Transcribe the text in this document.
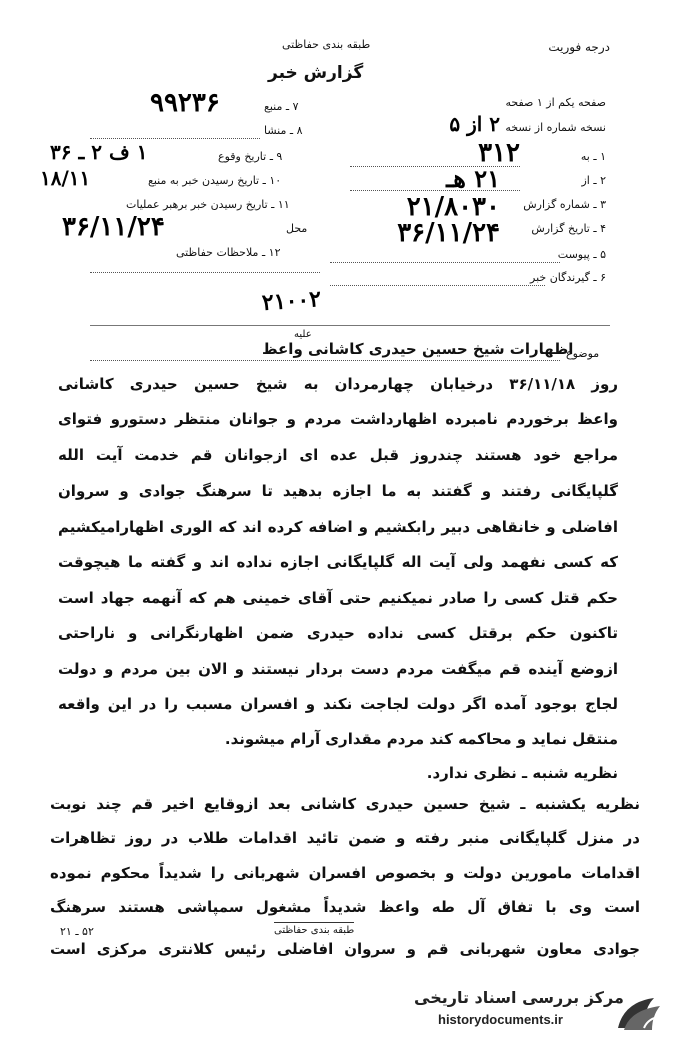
درجه فوریت
طبقه بندی حفاظتی
گزارش خبر
صفحه یکم از ۱ صفحه
نسخه شماره از نسخه
۲ از ۵
۱ ـ به
۳۱۲
۲ ـ از
۲۱ هـ
۳ ـ شماره گزارش
۲۱/۸۰۳۰
۴ ـ تاریخ گزارش
۳۶/۱۱/۲۴
۵ ـ پیوست
۶ ـ گیرندگان خبر
۷ ـ منبع
۹۹۲۳۶
۸ ـ منشا
۹ ـ تاریخ وقوع
۱ ف ۲ ـ ۳۶
۱۰ ـ تاریخ رسیدن خبر به منبع
۱۸/۱۱
۱۱ ـ تاریخ رسیدن خبر برهبر عملیات
محل
۳۶/۱۱/۲۴
۱۲ ـ ملاحظات حفاظتی
۲۱۰۰۲
موضوع
اظهارات شیخ حسین حیدری کاشانی واعظ
علیه
روز ۳۶/۱۱/۱۸ درخیابان چهارمردان به شیخ حسین حیدری کاشانی
واعظ برخوردم نامبرده اظهارداشت مردم و جوانان منتظر دستورو فتوای
مراجع خود هستند چندروز قبل عده ای ازجوانان قم خدمت آیت الله
گلپایگانی رفتند و گفتند به ما اجازه بدهید تا سرهنگ جوادی و سروان
افاضلی و خانقاهی دبیر رابکشیم و اضافه کرده اند که الوری اظهارامیکشیم
که کسی نفهمد ولی آیت اله گلپایگانی اجازه نداده اند و گفته ما هیچوقت
حکم قتل کسی را صادر نمیکنیم حتی آقای خمینی هم که آنهمه جهاد است
تاکنون حکم برقتل کسی نداده حیدری ضمن اظهارنگرانی و ناراحتی
ازوضع آینده قم میگفت مردم دست بردار نیستند و الان بین مردم و دولت
لجاج بوجود آمده اگر دولت لجاجت نکند و افسران مسبب را در این واقعه
منتقل نماید و محاکمه کند مردم مقداری آرام میشوند.
نظریه شنبه ـ نظری ندارد.
نظریه یکشنبه ـ شیخ حسین حیدری کاشانی بعد ازوقایع اخیر قم چند نوبت
در منزل گلپایگانی منبر رفته و ضمن تائید اقدامات طلاب در روز تظاهرات
اقدامات مامورین دولت و بخصوص افسران شهربانی را شدیداً محکوم نموده
است وی با تفاق آل طه واعظ شدیداً مشغول سمپاشی هستند سرهنگ
جوادی معاون شهربانی قم و سروان افاضلی رئیس کلانتری مرکزی است
طبقه بندی حفاظتی
۵۲ ـ ۲۱
مرکز بررسی اسناد تاریخی
historydocuments.ir
